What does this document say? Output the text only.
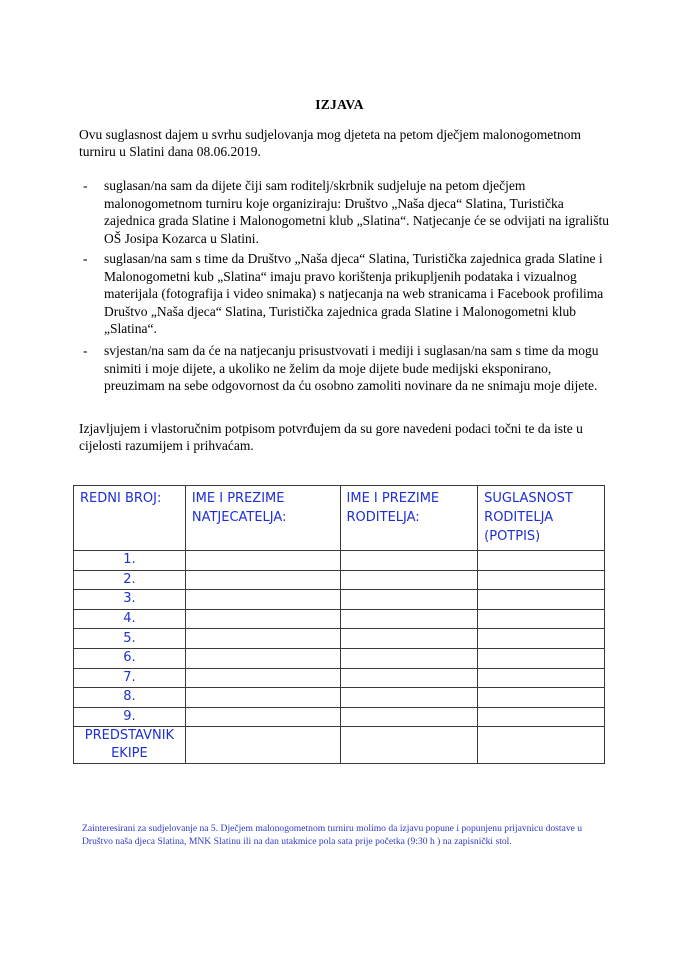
IZJAVA
Ovu suglasnost dajem u svrhu sudjelovanja mog djeteta na petom dječjem malonogometnom turniru u Slatini dana 08.06.2019.
- suglasan/na sam da dijete čiji sam roditelj/skrbnik sudjeluje na petom dječjem malonogometnom turniru koje organiziraju: Društvo „Naša djeca“ Slatina, Turistička zajednica grada Slatine i Malonogometni klub „Slatina“. Natjecanje će se odvijati na igralištu OŠ Josipa Kozarca u Slatini.
- suglasan/na sam s time da Društvo „Naša djeca“ Slatina, Turistička zajednica grada Slatine i Malonogometni kub „Slatina“ imaju pravo korištenja prikupljenih podataka i vizualnog materijala (fotografija i video snimaka) s natjecanja na web stranicama i Facebook profilima Društvo „Naša djeca“ Slatina, Turistička zajednica grada Slatine i Malonogometni klub „Slatina“.
- svjestan/na sam da će na natjecanju prisustvovati i mediji i suglasan/na sam s time da mogu snimiti i moje dijete, a ukoliko ne želim da moje dijete bude medijski eksponirano, preuzimam na sebe odgovornost da ću osobno zamoliti novinare da ne snimaju moje dijete.
Izjavljujem i vlastoručnim potpisom potvrđujem da su gore navedeni podaci točni te da iste u cijelosti razumijem i prihvaćam.
REDNI BROJ:	IME I PREZIME NATJECATELJA:	IME I PREZIME RODITELJA:	SUGLASNOST RODITELJA (POTPIS)
1.			
2.			
3.			
4.			
5.			
6.			
7.			
8.			
9.			
PREDSTAVNIK EKIPE			
Zainteresirani za sudjelovanje na 5. Dječjem malonogometnom turniru molimo da izjavu popune i popunjenu prijavnicu dostave u Društvo naša djeca Slatina, MNK Slatinu ili na dan utakmice pola sata prije početka (9:30 h ) na zapisnički stol.
